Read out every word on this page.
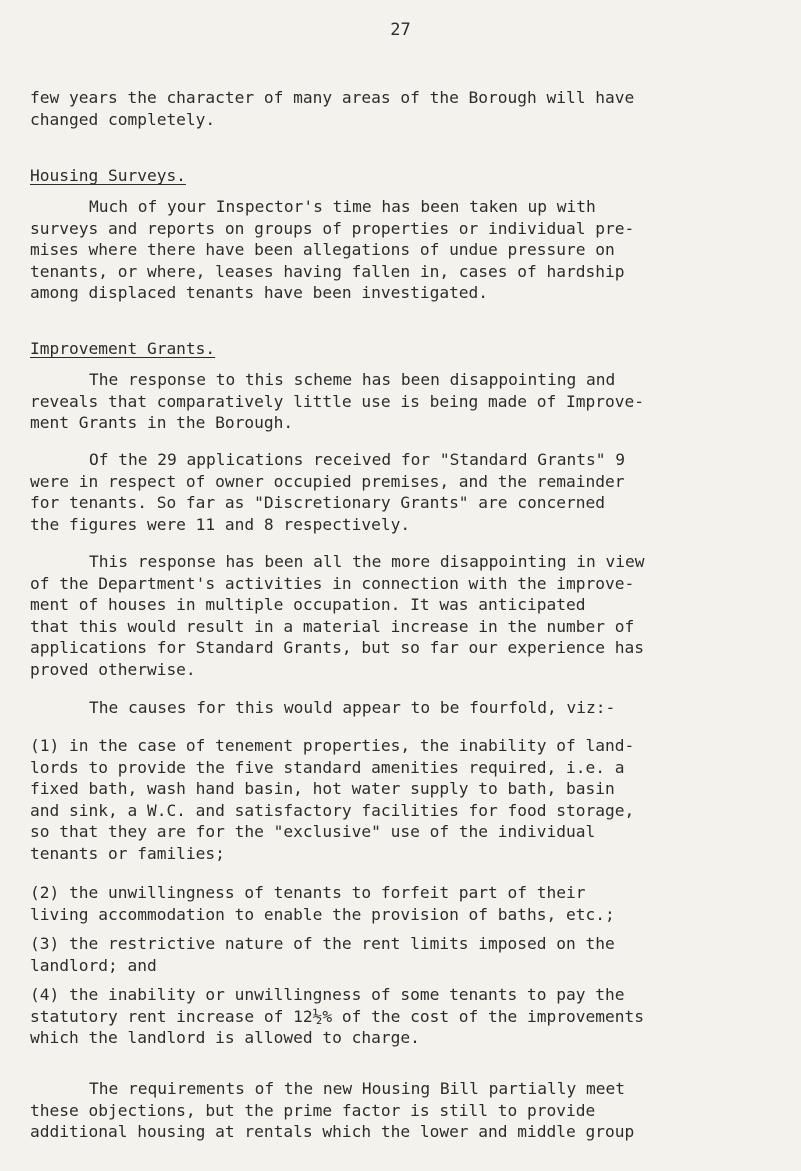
27
few years the character of many areas of the Borough will have
changed completely.
Housing Surveys.
Much of your Inspector's time has been taken up with
surveys and reports on groups of properties or individual pre-
mises where there have been allegations of undue pressure on
tenants, or where, leases having fallen in, cases of hardship
among displaced tenants have been investigated.
Improvement Grants.
The response to this scheme has been disappointing and
reveals that comparatively little use is being made of Improve-
ment Grants in the Borough.
Of the 29 applications received for "Standard Grants" 9
were in respect of owner occupied premises, and the remainder
for tenants. So far as "Discretionary Grants" are concerned
the figures were 11 and 8 respectively.
This response has been all the more disappointing in view
of the Department's activities in connection with the improve-
ment of houses in multiple occupation. It was anticipated
that this would result in a material increase in the number of
applications for Standard Grants, but so far our experience has
proved otherwise.
The causes for this would appear to be fourfold, viz:-
(1) in the case of tenement properties, the inability of land-
lords to provide the five standard amenities required, i.e. a
fixed bath, wash hand basin, hot water supply to bath, basin
and sink, a W.C. and satisfactory facilities for food storage,
so that they are for the "exclusive" use of the individual
tenants or families;
(2) the unwillingness of tenants to forfeit part of their
living accommodation to enable the provision of baths, etc.;
(3) the restrictive nature of the rent limits imposed on the
landlord; and
(4) the inability or unwillingness of some tenants to pay the
statutory rent increase of 12½% of the cost of the improvements
which the landlord is allowed to charge.
The requirements of the new Housing Bill partially meet
these objections, but the prime factor is still to provide
additional housing at rentals which the lower and middle group
